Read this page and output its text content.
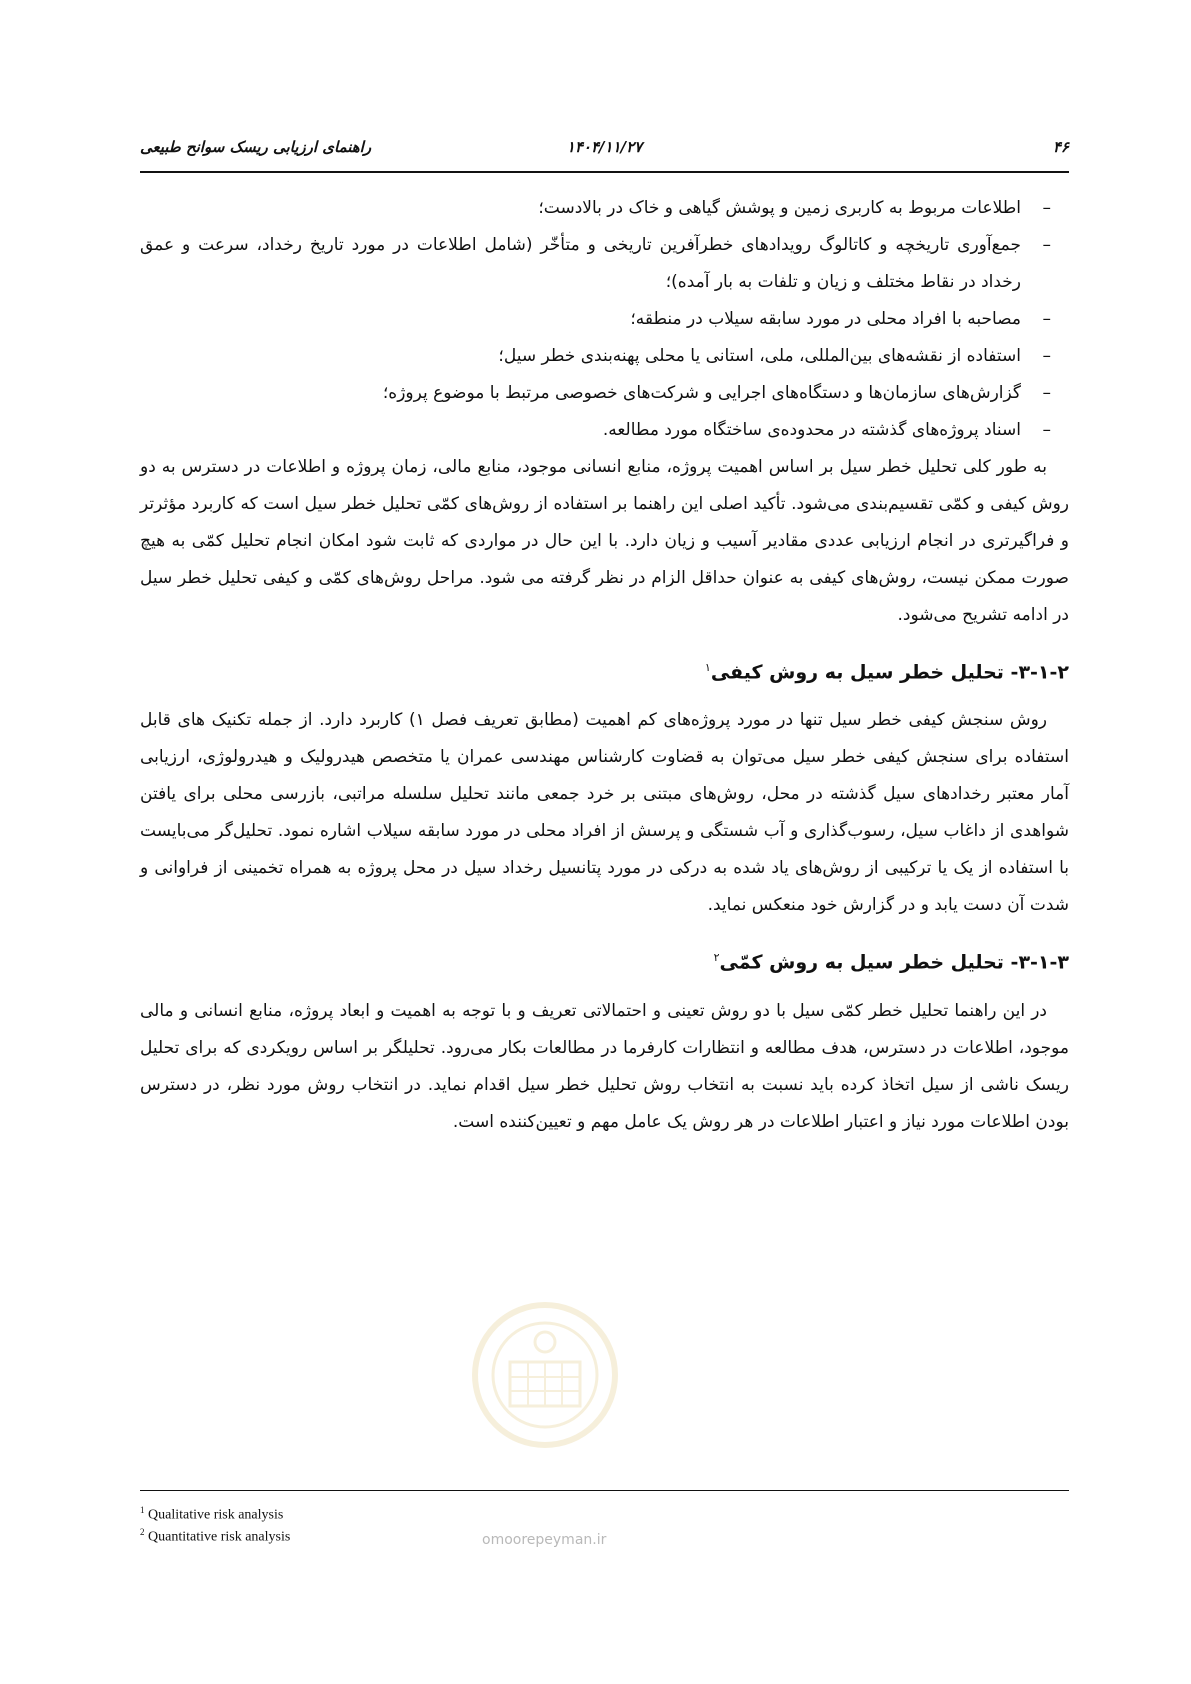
۴۶
۱۴۰۴/۱۱/۲۷
راهنمای ارزیابی ریسک سوانح طبیعی
–
اطلاعات مربوط به کاربری زمین و پوشش گیاهی و خاک در بالادست؛
–
جمع‌آوری تاریخچه و کاتالوگ رویدادهای خطرآفرین تاریخی و متأخّر (شامل اطلاعات در مورد تاریخ رخداد، سرعت و عمق رخداد در نقاط مختلف و زیان و تلفات به بار آمده)؛
–
مصاحبه با افراد محلی در مورد سابقه سیلاب در منطقه؛
–
استفاده از نقشه‌های بین‌المللی، ملی، استانی یا محلی پهنه‌بندی خطر سیل؛
–
گزارش‌های سازمان‌ها و دستگاه‌های اجرایی و شرکت‌های خصوصی مرتبط با موضوع پروژه؛
–
اسناد پروژه‌های گذشته در محدوده‌ی ساختگاه مورد مطالعه.

به طور کلی تحلیل خطر سیل بر اساس اهمیت پروژه، منابع انسانی موجود، منابع مالی، زمان پروژه و اطلاعات در دسترس به دو روش کیفی و کمّی تقسیم‌بندی می‌شود. تأکید اصلی این راهنما بر استفاده از روش‌های کمّی تحلیل خطر سیل است که کاربرد مؤثرتر و فراگیرتری در انجام ارزیابی عددی مقادیر آسیب و زیان دارد. با این حال در مواردی که ثابت شود امکان انجام تحلیل کمّی به هیچ صورت ممکن نیست، روش‌های کیفی به عنوان حداقل الزام در نظر گرفته می شود. مراحل روش‌های کمّی و کیفی تحلیل خطر سیل در ادامه تشریح می‌شود.

۳-۱-۲- تحلیل خطر سیل به روش کیفی$^۱$

روش سنجش کیفی خطر سیل تنها در مورد پروژه‌های کم اهمیت (مطابق تعریف فصل ۱) کاربرد دارد. از جمله تکنیک های قابل استفاده برای سنجش کیفی خطر سیل می‌توان به قضاوت کارشناس مهندسی عمران یا متخصص هیدرولیک و هیدرولوژی، ارزیابی آمار معتبر رخدادهای سیل گذشته در محل، روش‌های مبتنی بر خرد جمعی مانند تحلیل سلسله مراتبی، بازرسی محلی برای یافتن شواهدی از داغاب سیل، رسوب‌گذاری و آب شستگی و پرسش از افراد محلی در مورد سابقه سیلاب اشاره نمود. تحلیل‌گر می‌بایست با استفاده از یک یا ترکیبی از روش‌های یاد شده به درکی در مورد پتانسیل رخداد سیل در محل پروژه به همراه تخمینی از فراوانی و شدت آن دست یابد و در گزارش خود منعکس نماید.

۳-۱-۳- تحلیل خطر سیل به روش کمّی$^۲$

در این راهنما تحلیل خطر کمّی سیل با دو روش تعینی و احتمالاتی تعریف و با توجه به اهمیت و ابعاد پروژه، منابع انسانی و مالی موجود، اطلاعات در دسترس، هدف مطالعه و انتظارات کارفرما در مطالعات بکار می‌رود. تحلیلگر بر اساس رویکردی که برای تحلیل ریسک ناشی از سیل اتخاذ کرده باید نسبت به انتخاب روش تحلیل خطر سیل اقدام نماید. در انتخاب روش مورد نظر، در دسترس بودن اطلاعات مورد نیاز و اعتبار اطلاعات در هر روش یک عامل مهم و تعیین‌کننده است.

omoorepeyman.ir
$^1$ Qualitative risk analysis
$^2$ Quantitative risk analysis
